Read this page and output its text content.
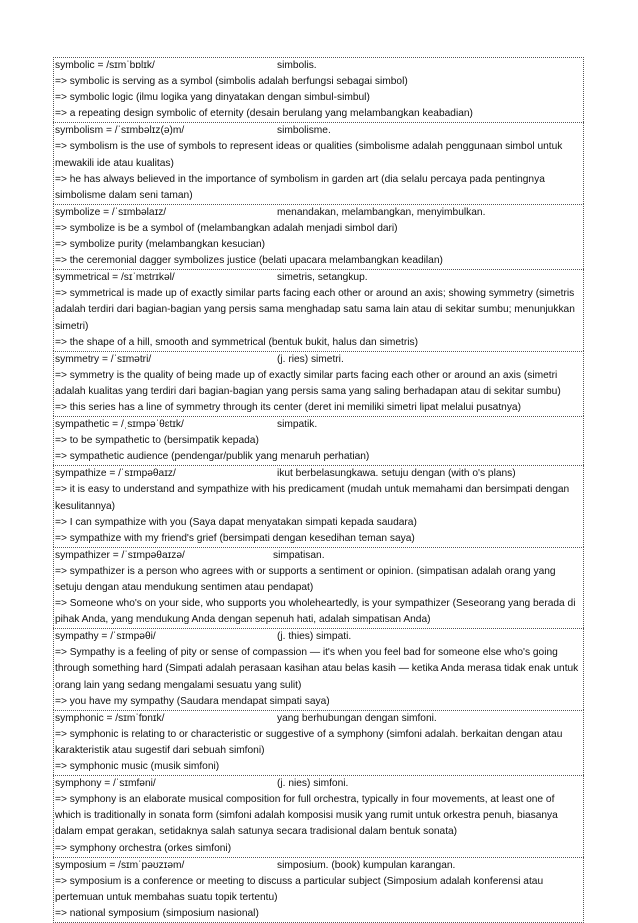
symbolic = /sɪmˈbɒlɪk/	simbolis.
=> symbolic is serving as a symbol (simbolis adalah berfungsi sebagai simbol)
=> symbolic logic (ilmu logika yang dinyatakan dengan simbul-simbul)
=> a repeating design symbolic of eternity (desain berulang yang melambangkan keabadian)
symbolism = /ˈsɪmbəlɪz(ə)m/	simbolisme.
=> symbolism is the use of symbols to represent ideas or qualities (simbolisme adalah penggunaan simbol untuk mewakili ide atau kualitas)
=> he has always believed in the importance of symbolism in garden art (dia selalu percaya pada pentingnya simbolisme dalam seni taman)
symbolize = /ˈsɪmbəlaɪz/	menandakan, melambangkan, menyimbulkan.
=> symbolize is be a symbol of (melambangkan adalah menjadi simbol dari)
=> symbolize purity (melambangkan kesucian)
=> the ceremonial dagger symbolizes justice (belati upacara melambangkan keadilan)
symmetrical = /sɪˈmɛtrɪkəl/	simetris, setangkup.
=> symmetrical is made up of exactly similar parts facing each other or around an axis; showing symmetry (simetris adalah terdiri dari bagian-bagian yang persis sama menghadap satu sama lain atau di sekitar sumbu; menunjukkan simetri)
=> the shape of a hill, smooth and symmetrical (bentuk bukit, halus dan simetris)
symmetry = /ˈsɪmətri/	(j. ries) simetri.
=> symmetry is the quality of being made up of exactly similar parts facing each other or around an axis (simetri adalah kualitas yang terdiri dari bagian-bagian yang persis sama yang saling berhadapan atau di sekitar sumbu)
=> this series has a line of symmetry through its center (deret ini memiliki simetri lipat melalui pusatnya)
sympathetic = /ˌsɪmpəˈθɛtɪk/	simpatik.
=> to be sympathetic to (bersimpatik kepada)
=> sympathetic audience (pendengar/publik yang menaruh perhatian)
sympathize = /ˈsɪmpəθaɪz/	ikut berbelasungkawa. setuju dengan (with o's plans)
=> it is easy to understand and sympathize with his predicament (mudah untuk memahami dan bersimpati dengan kesulitannya)
=> I can sympathize with you (Saya dapat menyatakan simpati kepada saudara)
=> sympathize with my friend's grief (bersimpati dengan kesedihan teman saya)
sympathizer = /ˈsɪmpəθaɪzə/	simpatisan.
=> sympathizer is a person who agrees with or supports a sentiment or opinion. (simpatisan adalah orang yang setuju dengan atau mendukung sentimen atau pendapat)
=> Someone who's on your side, who supports you wholeheartedly, is your sympathizer (Seseorang yang berada di pihak Anda, yang mendukung Anda dengan sepenuh hati, adalah simpatisan Anda)
sympathy = /ˈsɪmpəθi/	(j. thies) simpati.
=> Sympathy is a feeling of pity or sense of compassion — it's when you feel bad for someone else who's going through something hard (Simpati adalah perasaan kasihan atau belas kasih — ketika Anda merasa tidak enak untuk orang lain yang sedang mengalami sesuatu yang sulit)
=> you have my sympathy (Saudara mendapat simpati saya)
symphonic = /sɪmˈfɒnɪk/	yang berhubungan dengan simfoni.
=> symphonic is relating to or characteristic or suggestive of a symphony (simfoni adalah. berkaitan dengan atau karakteristik atau sugestif dari sebuah simfoni)
=> symphonic music (musik simfoni)
symphony = /ˈsɪmfəni/	(j. nies) simfoni.
=> symphony is an elaborate musical composition for full orchestra, typically in four movements, at least one of which is traditionally in sonata form (simfoni adalah komposisi musik yang rumit untuk orkestra penuh, biasanya dalam empat gerakan, setidaknya salah satunya secara tradisional dalam bentuk sonata)
=> symphony orchestra (orkes simfoni)
symposium = /sɪmˈpəʊzɪəm/	simposium. (book) kumpulan karangan.
=> symposium is a conference or meeting to discuss a particular subject (Simposium adalah konferensi atau pertemuan untuk membahas suatu topik tertentu)
=> national symposium (simposium nasional)
